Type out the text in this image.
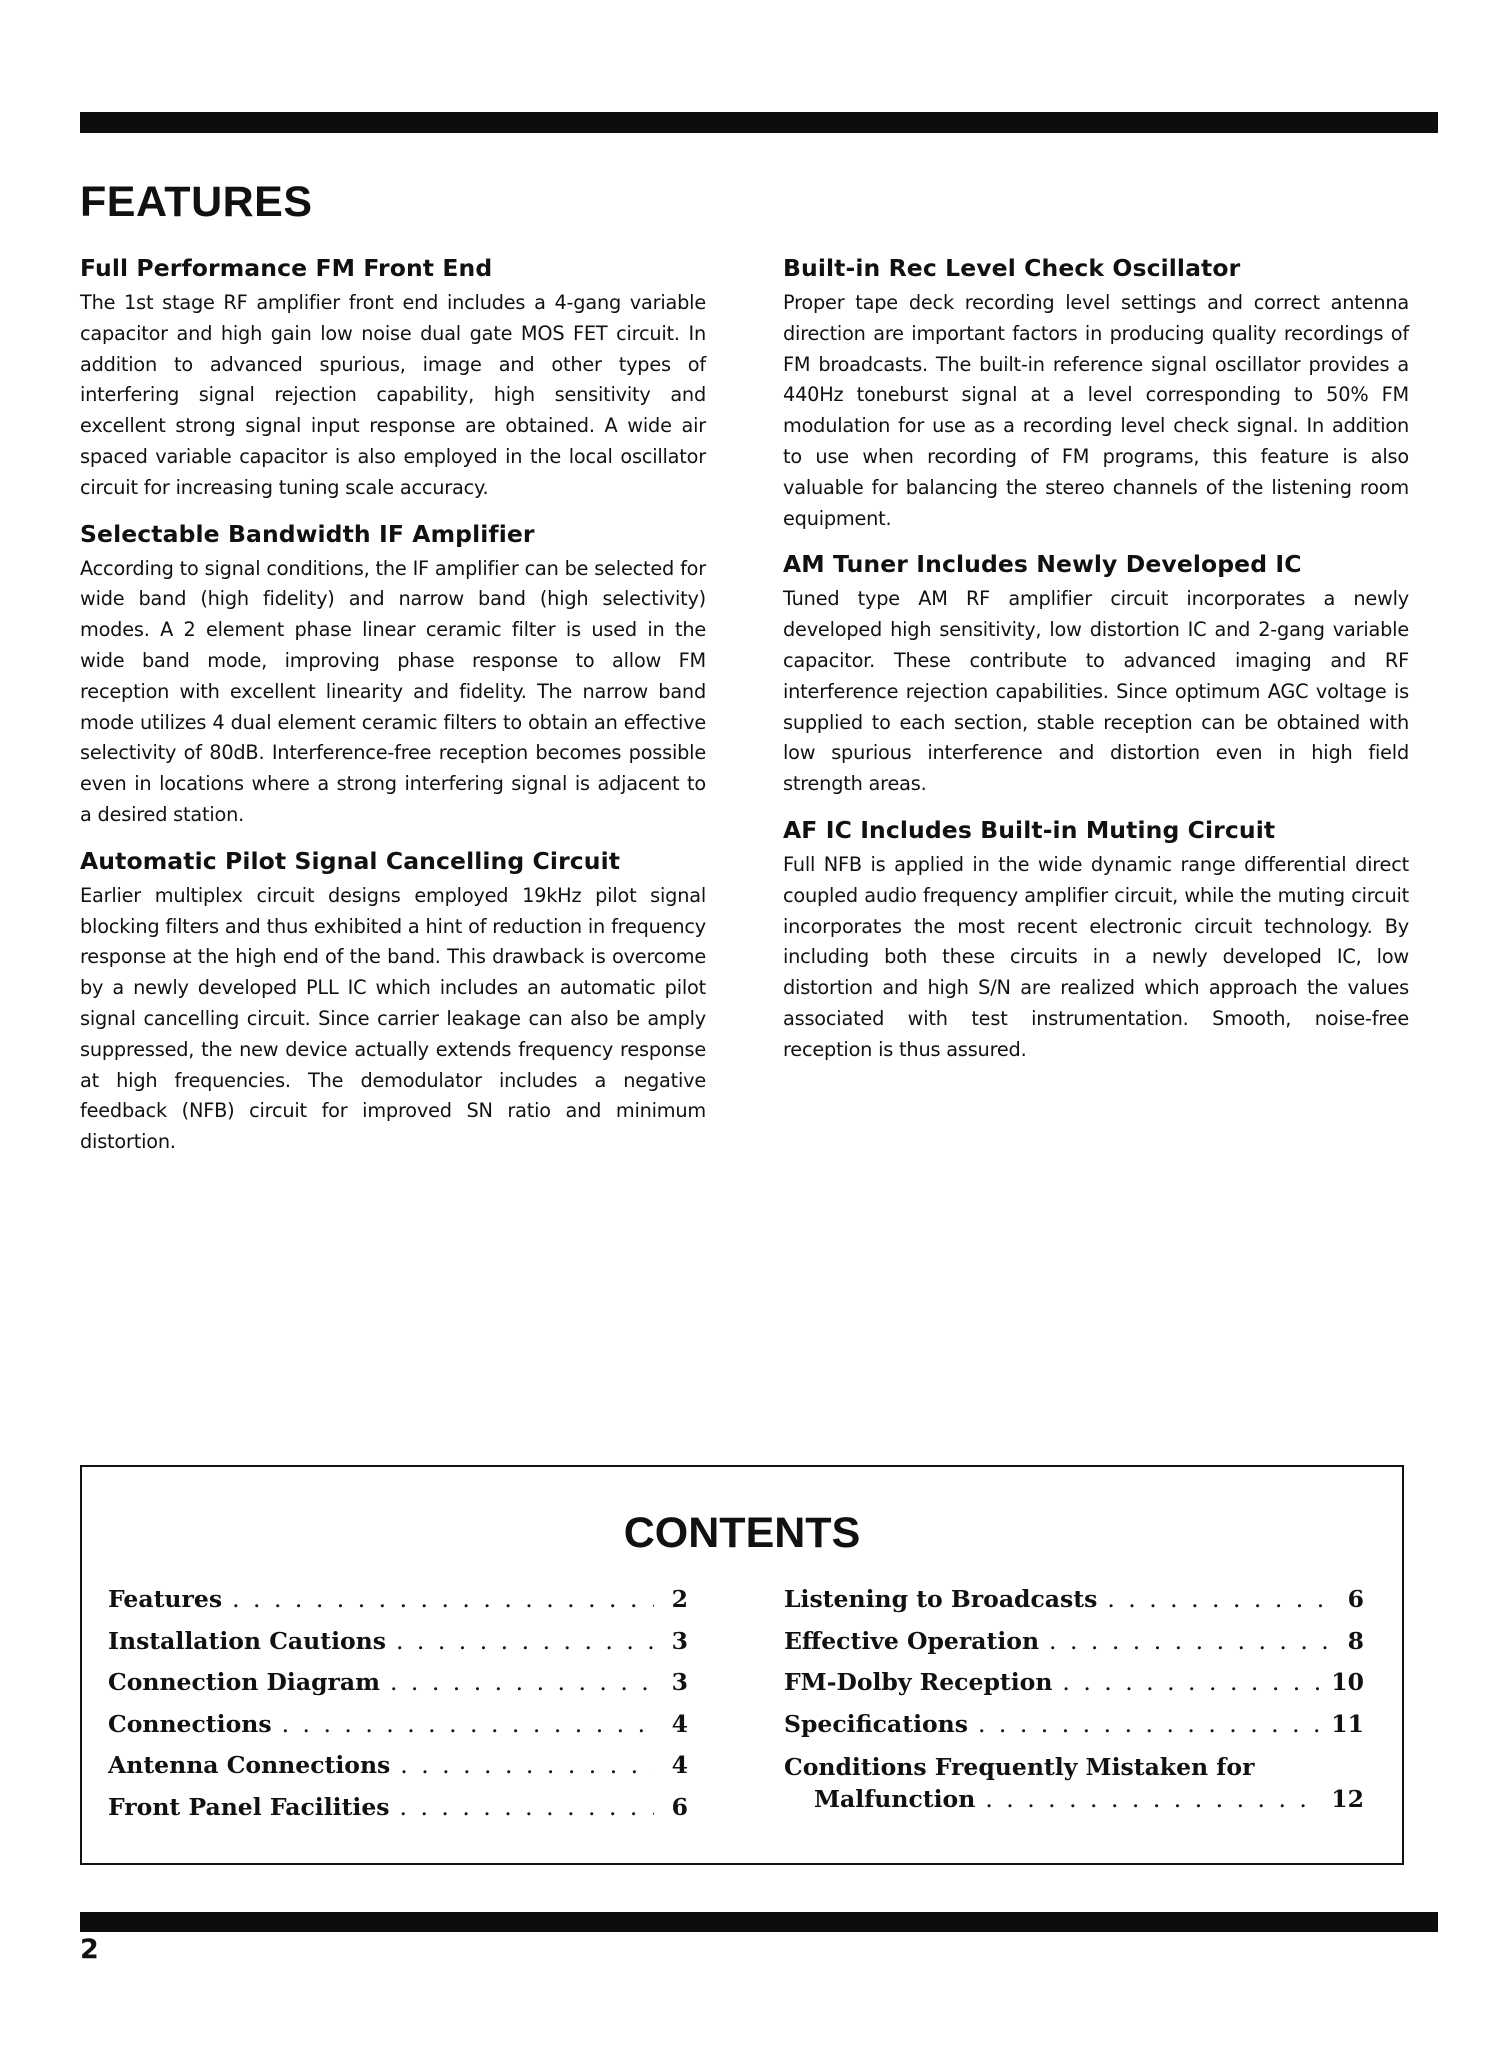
FEATURES
Full Performance FM Front End

The 1st stage RF amplifier front end includes a 4-gang variable capacitor and high gain low noise dual gate MOS FET circuit. In addition to advanced spurious, image and other types of interfering signal rejection capability, high sensitivity and excellent strong signal input response are obtained. A wide air spaced variable capacitor is also employed in the local oscillator circuit for increasing tuning scale accuracy.

Selectable Bandwidth IF Amplifier

According to signal conditions, the IF amplifier can be selected for wide band (high fidelity) and narrow band (high selectivity) modes. A 2 element phase linear ceramic filter is used in the wide band mode, improving phase response to allow FM reception with excellent linearity and fidelity. The narrow band mode utilizes 4 dual element ceramic filters to obtain an effective selectivity of 80dB. Interference-free reception becomes possible even in locations where a strong interfering signal is adjacent to a desired station.

Automatic Pilot Signal Cancelling Circuit

Earlier multiplex circuit designs employed 19kHz pilot signal blocking filters and thus exhibited a hint of reduction in frequency response at the high end of the band. This drawback is overcome by a newly developed PLL IC which includes an automatic pilot signal cancelling circuit. Since carrier leakage can also be amply suppressed, the new device actually extends frequency response at high frequencies. The demodulator includes a negative feedback (NFB) circuit for improved SN ratio and minimum distortion.

Built-in Rec Level Check Oscillator

Proper tape deck recording level settings and correct antenna direction are important factors in producing quality recordings of FM broadcasts. The built-in reference signal oscillator provides a 440Hz toneburst signal at a level corresponding to 50% FM modulation for use as a recording level check signal. In addition to use when recording of FM programs, this feature is also valuable for balancing the stereo channels of the listening room equipment.

AM Tuner Includes Newly Developed IC

Tuned type AM RF amplifier circuit incorporates a newly developed high sensitivity, low distortion IC and 2-gang variable capacitor. These contribute to advanced imaging and RF interference rejection capabilities. Since optimum AGC voltage is supplied to each section, stable reception can be obtained with low spurious interference and distortion even in high field strength areas.

AF IC Includes Built-in Muting Circuit

Full NFB is applied in the wide dynamic range differential direct coupled audio frequency amplifier circuit, while the muting circuit incorporates the most recent electronic circuit technology. By including both these circuits in a newly developed IC, low distortion and high S/N are realized which approach the values associated with test instrumentation. Smooth, noise-free reception is thus assured.

CONTENTS
Features . . .	2
Installation Cautions . . .	3
Connection Diagram . . .	3
Connections . . .	4
Antenna Connections . . .	4
Front Panel Facilities . . .	6
Listening to Broadcasts . . .	6
Effective Operation . . .	8
FM-Dolby Reception . . .	10
Specifications . . .	11
Conditions Frequently Mistaken for
Malfunction . . .	12

2
